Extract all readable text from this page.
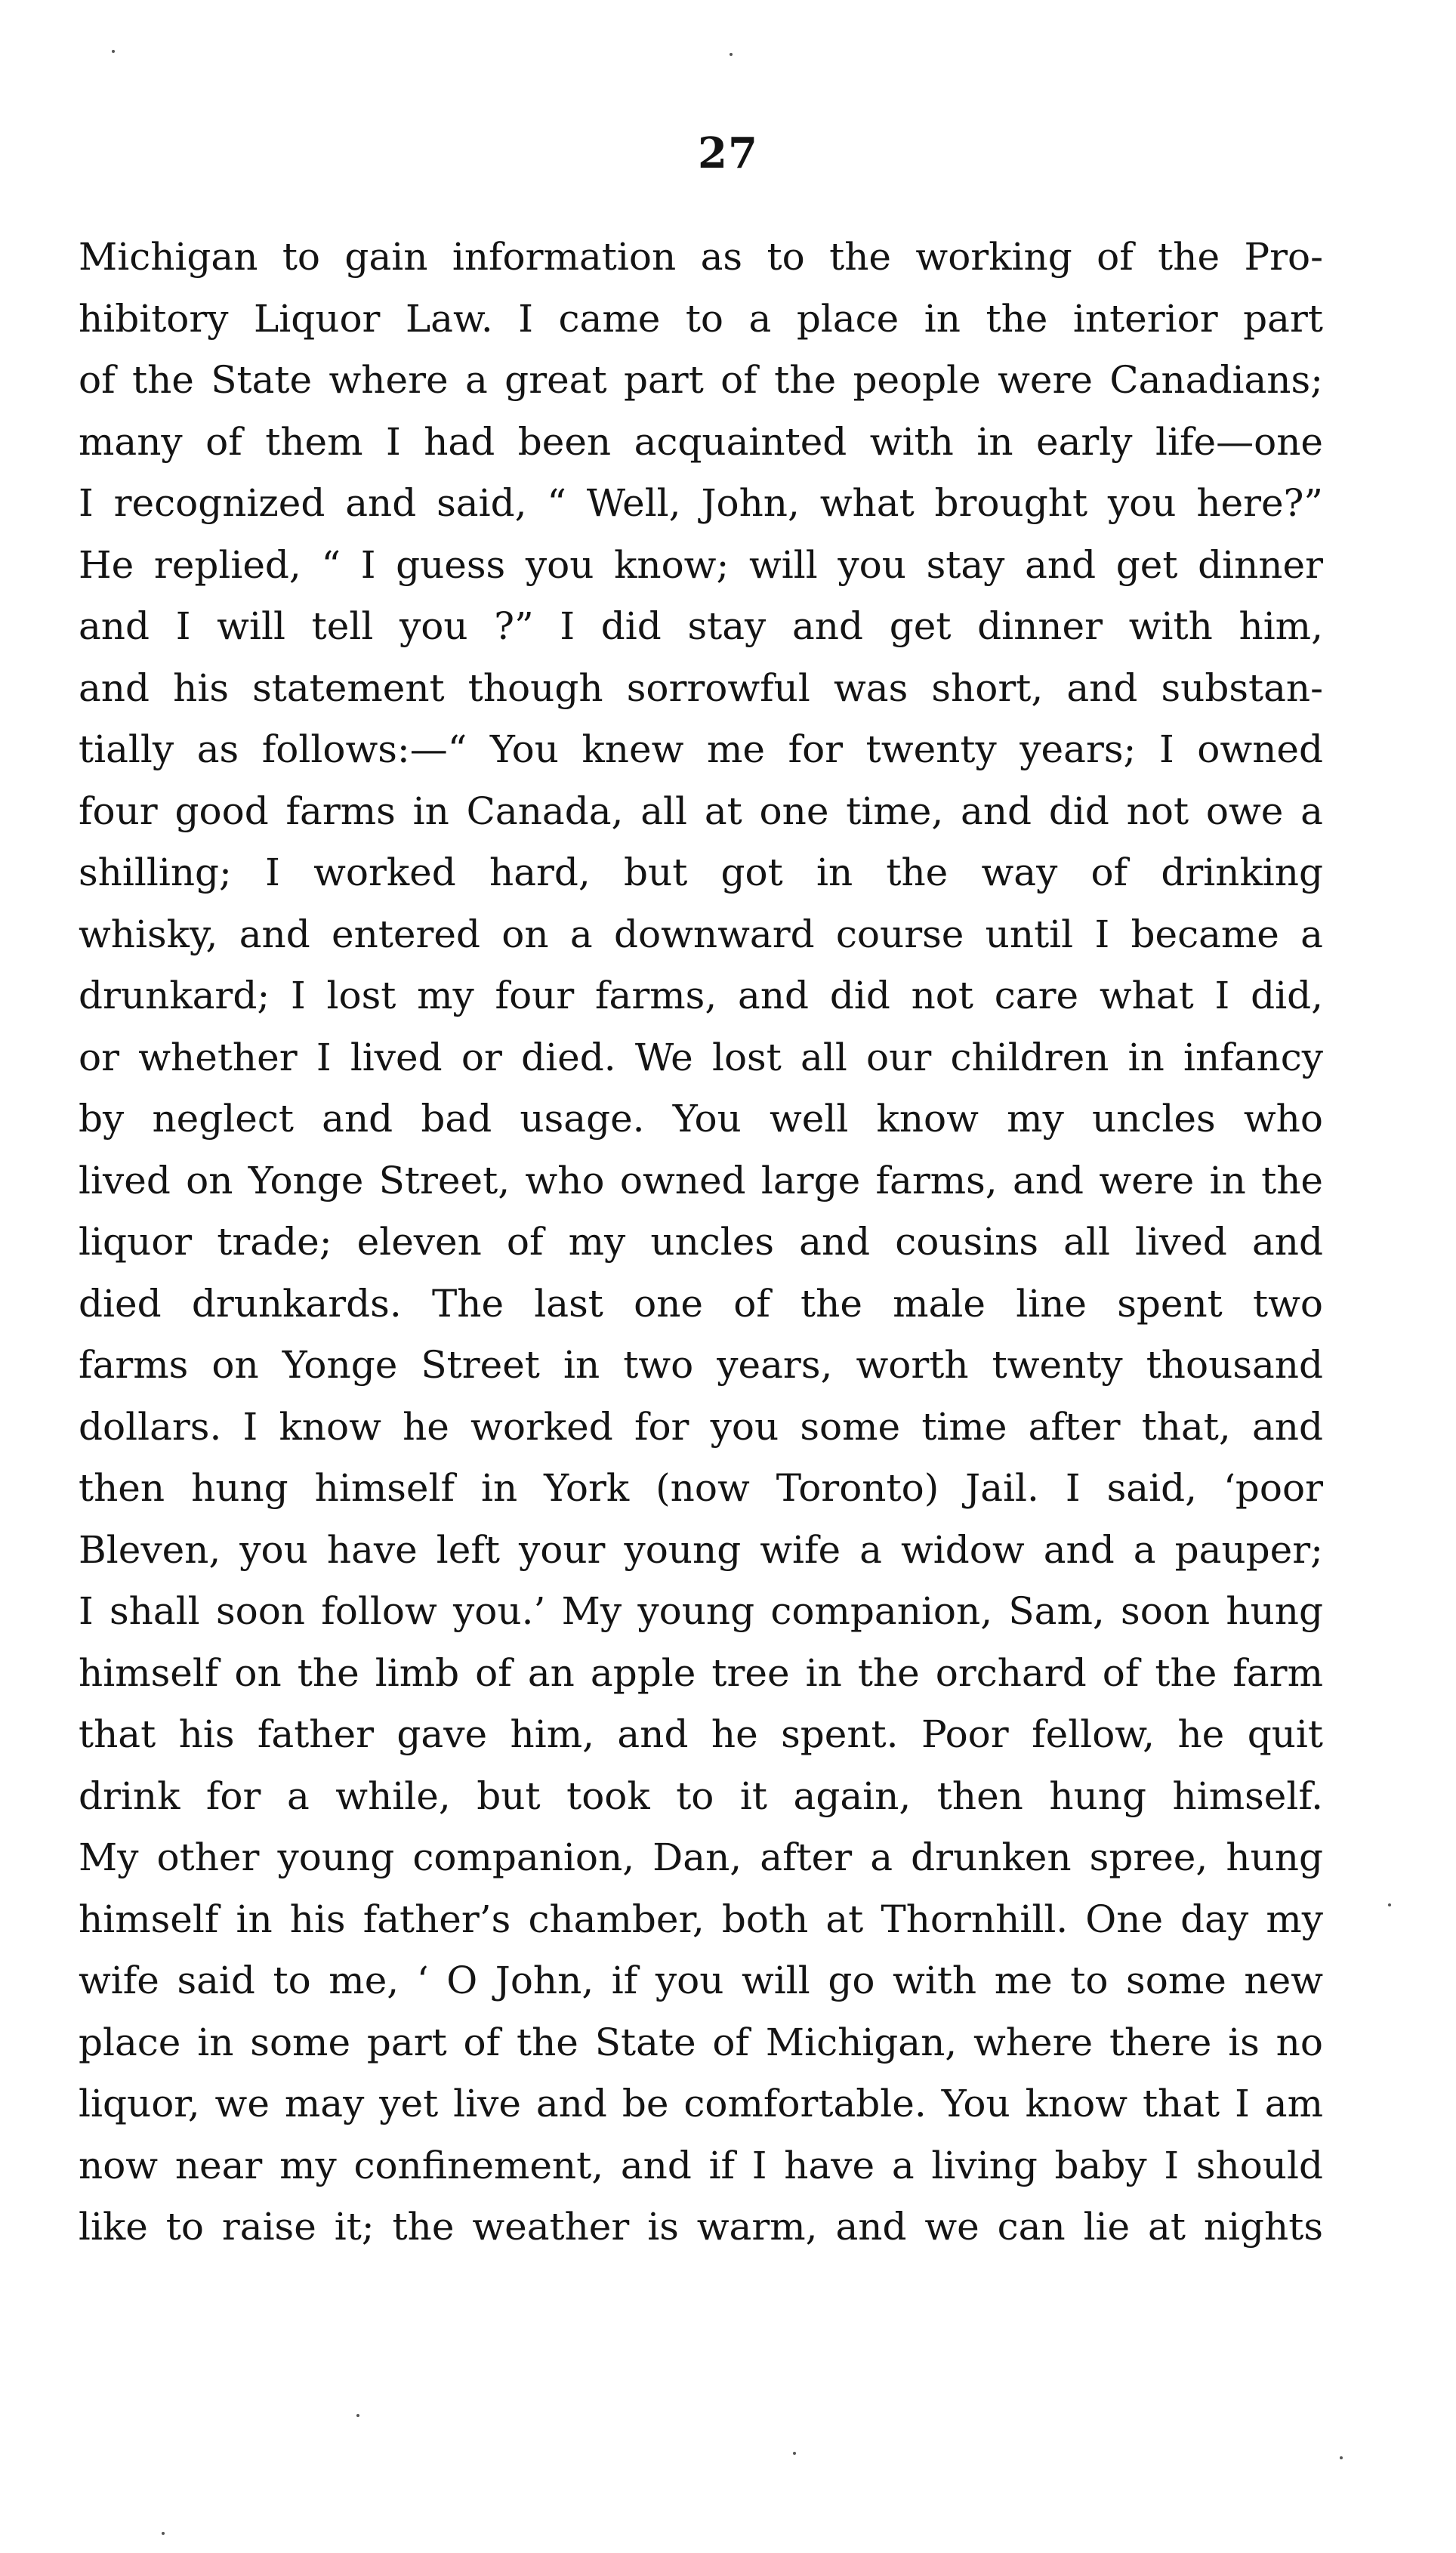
27
Michigan to gain information as to the working of the Pro-
hibitory Liquor Law. I came to a place in the interior part
of the State where a great part of the people were Canadians;
many of them I had been acquainted with in early life—one
I recognized and said, “ Well, John, what brought you here?”
He replied, “ I guess you know; will you stay and get dinner
and I will tell you ?” I did stay and get dinner with him,
and his statement though sorrowful was short, and substan-
tially as follows:—“ You knew me for twenty years; I owned
four good farms in Canada, all at one time, and did not owe a
shilling; I worked hard, but got in the way of drinking
whisky, and entered on a downward course until I became a
drunkard; I lost my four farms, and did not care what I did,
or whether I lived or died. We lost all our children in infancy
by neglect and bad usage. You well know my uncles who
lived on Yonge Street, who owned large farms, and were in the
liquor trade; eleven of my uncles and cousins all lived and
died drunkards. The last one of the male line spent two
farms on Yonge Street in two years, worth twenty thousand
dollars. I know he worked for you some time after that, and
then hung himself in York (now Toronto) Jail. I said, ‘poor
Bleven, you have left your young wife a widow and a pauper;
I shall soon follow you.’ My young companion, Sam, soon hung
himself on the limb of an apple tree in the orchard of the farm
that his father gave him, and he spent. Poor fellow, he quit
drink for a while, but took to it again, then hung himself.
My other young companion, Dan, after a drunken spree, hung
himself in his father’s chamber, both at Thornhill. One day my
wife said to me, ‘ O John, if you will go with me to some new
place in some part of the State of Michigan, where there is no
liquor, we may yet live and be comfortable. You know that I am
now near my confinement, and if I have a living baby I should
like to raise it; the weather is warm, and we can lie at nights
